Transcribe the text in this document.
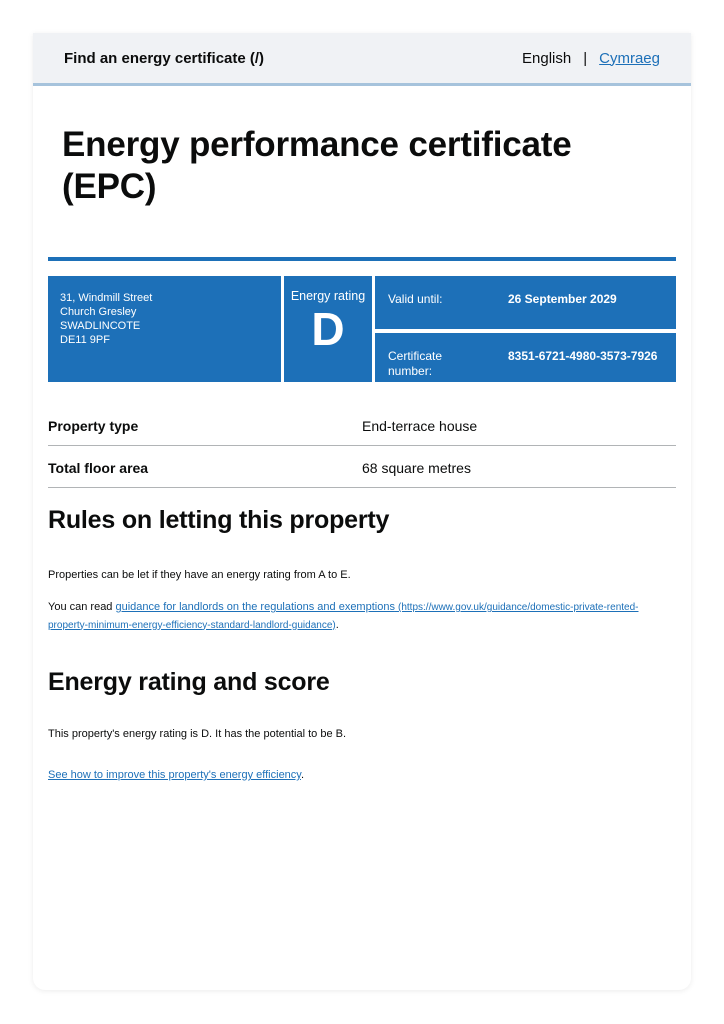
Find an energy certificate (/)	English | Cymraeg
Energy performance certificate (EPC)
31, Windmill Street
Church Gresley
SWADLINCOTE
DE11 9PF
Energy rating
D
Valid until:	26 September 2029
Certificate number:
8351-6721-4980-3573-7926
Property type	End-terrace house
Total floor area	68 square metres
Rules on letting this property

Properties can be let if they have an energy rating from A to E.

You can read guidance for landlords on the regulations and exemptions (https://www.gov.uk/guidance/domestic-private-rented-property-minimum-energy-efficiency-standard-landlord-guidance).

Energy rating and score

This property's energy rating is D. It has the potential to be B.

See how to improve this property's energy efficiency.
